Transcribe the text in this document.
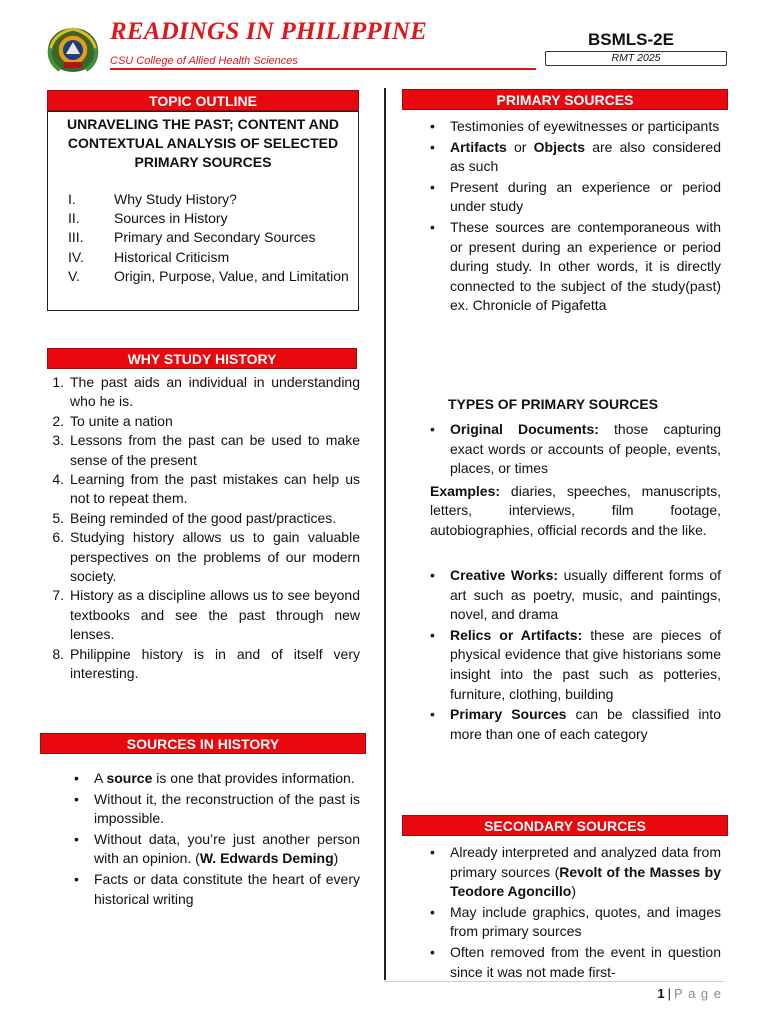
READINGS IN PHILIPPINE
CSU College of Allied Health Sciences
BSMLS-2E
RMT 2025
TOPIC OUTLINE
UNRAVELING THE PAST; CONTENT AND CONTEXTUAL ANALYSIS OF SELECTED PRIMARY SOURCES
I.	Why Study History?
II.	Sources in History
III.	Primary and Secondary Sources
IV.	Historical Criticism
V.	Origin, Purpose, Value, and Limitation
WHY STUDY HISTORY
1. The past aids an individual in understanding who he is.
2. To unite a nation
3. Lessons from the past can be used to make sense of the present
4. Learning from the past mistakes can help us not to repeat them.
5. Being reminded of the good past/practices.
6. Studying history allows us to gain valuable perspectives on the problems of our modern society.
7. History as a discipline allows us to see beyond textbooks and see the past through new lenses.
8. Philippine history is in and of itself very interesting.
SOURCES IN HISTORY
•	A source is one that provides information.
•	Without it, the reconstruction of the past is impossible.
•	Without data, you’re just another person with an opinion. (W. Edwards Deming)
•	Facts or data constitute the heart of every historical writing
PRIMARY SOURCES
•	Testimonies of eyewitnesses or participants
•	Artifacts or Objects are also considered as such
•	Present during an experience or period under study
•	These sources are contemporaneous with or present during an experience or period during study. In other words, it is directly connected to the subject of the study(past) ex. Chronicle of Pigafetta
TYPES OF PRIMARY SOURCES
•	Original Documents: those capturing exact words or accounts of people, events, places, or times
Examples: diaries, speeches, manuscripts, letters, interviews, film footage, autobiographies, official records and the like.
•	Creative Works: usually different forms of art such as poetry, music, and paintings, novel, and drama
•	Relics or Artifacts: these are pieces of physical evidence that give historians some insight into the past such as potteries, furniture, clothing, building
•	Primary Sources can be classified into more than one of each category
SECONDARY SOURCES
•	Already interpreted and analyzed data from primary sources (Revolt of the Masses by Teodore Agoncillo)
•	May include graphics, quotes, and images from primary sources
•	Often removed from the event in question since it was not made first-
1 | P a g e
